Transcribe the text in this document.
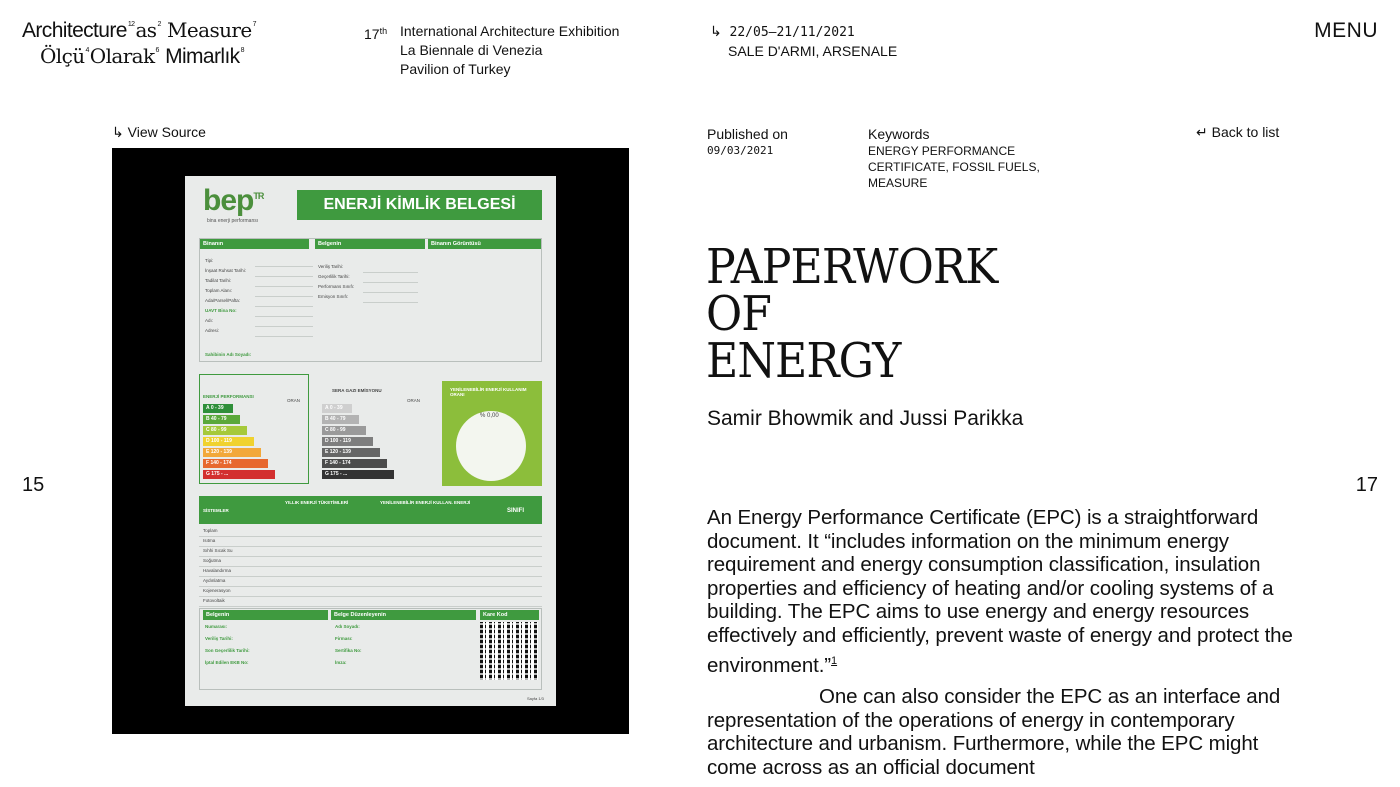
$Architecture^{12}as^2$ Measure$^7$
Ölçü$^4$Olarak$^6$ Mimarlık$^8$
17th International Architecture Exhibition
La Biennale di Venezia
Pavilion of Turkey
↳ 22/05—21/11/2021
SALE D'ARMI, ARSENALE
MENU
↳ View Source
bep$^{TR}$
bina enerji performansı
ENERJİ KİMLİK BELGESİ
Binanın	Belgenin	Binanın Görüntüsü
Sahibinin Adı Soyadı:
ENERJİ PERFORMANSI
ORAN
SERA GAZI EMİSYONU
ORAN
YENİLENEBİLİR ENERJİ KULLANIM ORANI
% 0,00
SİSTEMLER
YILLIK ENERJİ TÜKETİMLERİ	YENİLENEBİLİR ENERJİ KULLAN. ENERJİ
SINIFI
Belgenin	Belge Düzenleyenin	Kare Kod
Sayfa 1/3
Tipi:
İnşaat Ruhsat Tarihi:
Tadilat Tarihi:
Toplam Alanı:
Ada/Parsel/Pafta:
UAVT Bina No:
Adı:
Adresi:
Veriliş Tarihi:
Geçerlilik Tarihi:
Performans Sınıfı:
Emisyon Sınıfı:
A 0 - 39
B 40 - 79
C 80 - 99
D 100 - 119
E 120 - 139
F 140 - 174
G 175 - ...
A 0 - 39
B 40 - 79
C 80 - 99
D 100 - 119
E 120 - 139
F 140 - 174
G 175 - ...
Toplam
Isıtma
Sıhhi Sıcak Su
Soğutma
Havalandırma
Aydınlatma
Kojenerasyon
Fotovoltaik
Numarası:
Veriliş Tarihi:
Son Geçerlilik Tarihi:
İptal Edilen EKB No:
Adı Soyadı:
Firması:
Sertifika No:
İmza:
15	17
Published on
09/03/2021
Keywords
ENERGY PERFORMANCE CERTIFICATE, FOSSIL FUELS, MEASURE
↵ Back to list
PAPERWORK
OF
ENERGY
Samir Bhowmik and Jussi Parikka

An Energy Performance Certificate (EPC) is a straightforward document. It “includes information on the minimum energy requirement and energy consumption classification, insulation properties and efficiency of heating and/or cooling systems of a building. The EPC aims to use energy and energy resources effectively and efficiently, prevent waste of energy and protect the environment.”$^1$

One can also consider the EPC as an interface and representation of the operations of energy in contemporary architecture and urbanism. Furthermore, while the EPC might come across as an official document
